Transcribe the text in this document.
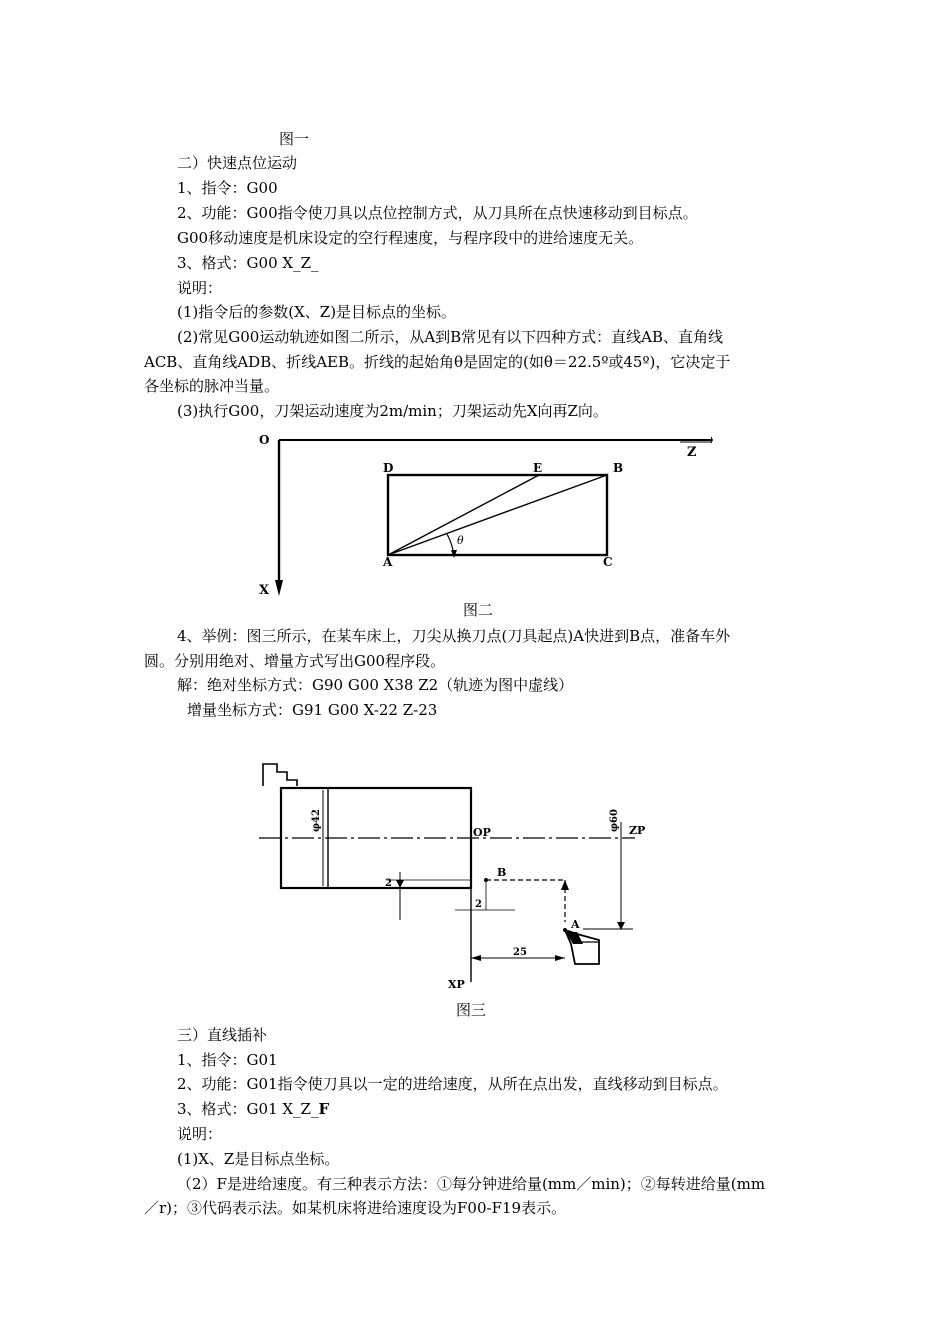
图一
二）快速点位运动
1、指令：G00
2、功能：G00指令使刀具以点位控制方式，从刀具所在点快速移动到目标点。
G00移动速度是机床设定的空行程速度，与程序段中的进给速度无关。
3、格式：G00 X_Z_
说明：
(1)指令后的参数(X、Z)是目标点的坐标。
(2)常见G00运动轨迹如图二所示，从A到B常见有以下四种方式：直线AB、直角线
ACB、直角线ADB、折线AEB。折线的起始角θ是固定的(如θ＝22.5º或45º)，它决定于
各坐标的脉冲当量。
(3)执行G00，刀架运动速度为2m/min；刀架运动先X向再Z向。
O
Z
X
θ
D	E	B
A	C
图二
4、举例：图三所示，在某车床上，刀尖从换刀点(刀具起点)A快进到B点，准备车外
圆。分别用绝对、增量方式写出G00程序段。
解：绝对坐标方式：G90 G00 X38 Z2（轨迹为图中虚线）
增量坐标方式：G91 G00 X-22 Z-23
φ42
OP
φ60 ZP
XP
B
2
2
25
A
图三
三）直线插补
1、指令：G01
2、功能：G01指令使刀具以一定的进给速度，从所在点出发，直线移动到目标点。
3、格式：G01 X_Z_F
说明：
(1)X、Z是目标点坐标。
（2）F是进给速度。有三种表示方法：①每分钟进给量(mm／min)；②每转进给量(mm
／r)；③代码表示法。如某机床将进给速度设为F00-F19表示。
